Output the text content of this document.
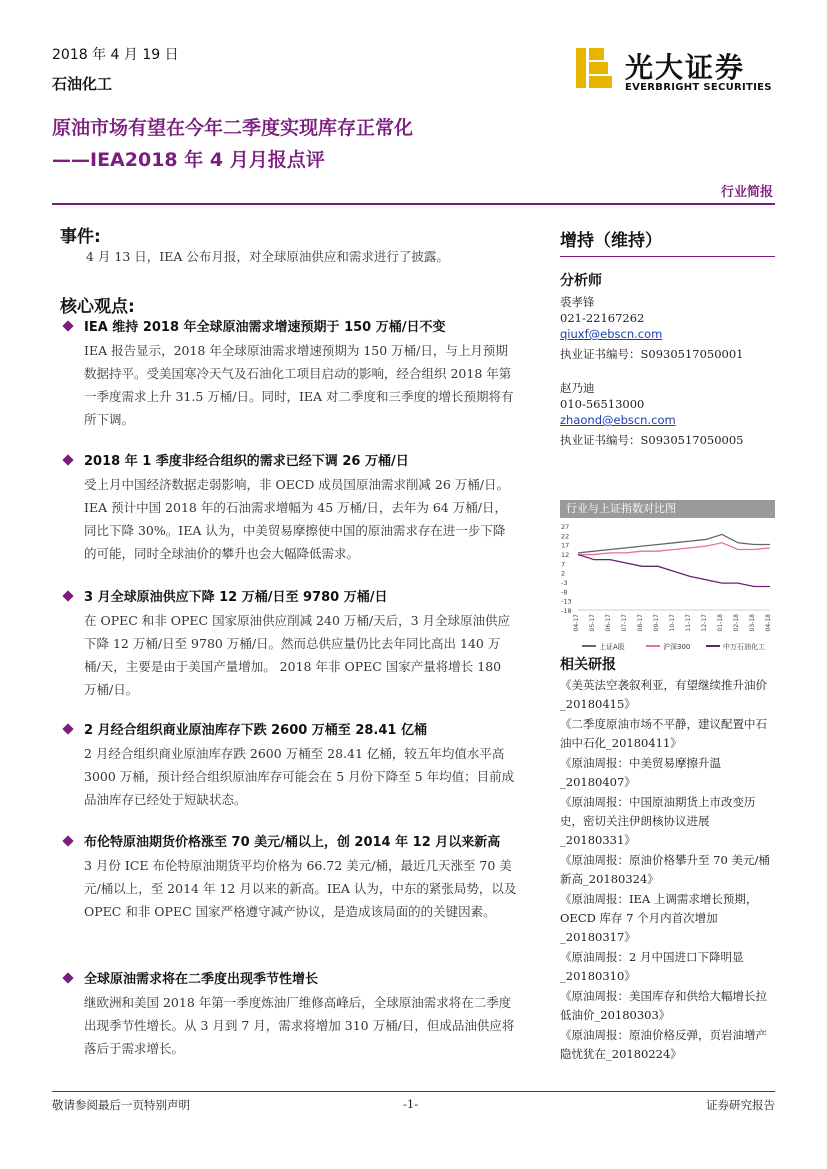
2018 年 4 月 19 日
石油化工
原油市场有望在今年二季度实现库存正常化
——IEA2018 年 4 月月报点评
行业简报
光大证券
EVERBRIGHT SECURITIES
事件:
4 月 13 日，IEA 公布月报，对全球原油供应和需求进行了披露。
核心观点:
IEA 维持 2018 年全球原油需求增速预期于 150 万桶/日不变
IEA 报告显示，2018 年全球原油需求增速预期为 150 万桶/日，与上月预期数据持平。受美国寒冷天气及石油化工项目启动的影响，经合组织 2018 年第一季度需求上升 31.5 万桶/日。同时，IEA 对二季度和三季度的增长预期将有所下调。
2018 年 1 季度非经合组织的需求已经下调 26 万桶/日
受上月中国经济数据走弱影响，非 OECD 成员国原油需求削减 26 万桶/日。IEA 预计中国 2018 年的石油需求增幅为 45 万桶/日，去年为 64 万桶/日，同比下降 30%。IEA 认为，中美贸易摩擦使中国的原油需求存在进一步下降的可能，同时全球油价的攀升也会大幅降低需求。
3 月全球原油供应下降 12 万桶/日至 9780 万桶/日
在 OPEC 和非 OPEC 国家原油供应削减 240 万桶/天后，3 月全球原油供应下降 12 万桶/日至 9780 万桶/日。然而总供应量仍比去年同比高出 140 万桶/天，主要是由于美国产量增加。 2018 年非 OPEC 国家产量将增长 180 万桶/日。
2 月经合组织商业原油库存下跌 2600 万桶至 28.41 亿桶
2 月经合组织商业原油库存跌 2600 万桶至 28.41 亿桶，较五年均值水平高 3000 万桶，预计经合组织原油库存可能会在 5 月份下降至 5 年均值；目前成品油库存已经处于短缺状态。
布伦特原油期货价格涨至 70 美元/桶以上，创 2014 年 12 月以来新高
3 月份 ICE 布伦特原油期货平均价格为 66.72 美元/桶，最近几天涨至 70 美元/桶以上，至 2014 年 12 月以来的新高。IEA 认为，中东的紧张局势，以及 OPEC 和非 OPEC 国家严格遵守减产协议，是造成该局面的的关键因素。
全球原油需求将在二季度出现季节性增长
继欧洲和美国 2018 年第一季度炼油厂维修高峰后，全球原油需求将在二季度出现季节性增长。从 3 月到 7 月，需求将增加 310 万桶/日，但成品油供应将落后于需求增长。
增持（维持）
分析师
裘孝锋
021-22167262
qiuxf@ebscn.com
执业证书编号：S0930517050001
赵乃迪
010-56513000
zhaond@ebscn.com
执业证书编号：S0930517050005
行业与上证指数对比图
27
22
17
12
7
2
-3
-8
-13
-18
04-17 05-17 06-17 07-17 08-17 09-17 10-17 11-17 12-17 01-18 02-18 03-18 04-18
上证A股	沪深300	中万石油化工
相关研报
《美英法空袭叙利亚，有望继续推升油价_20180415》
《二季度原油市场不平静，建议配置中石油中石化_20180411》
《原油周报：中美贸易摩擦升温_20180407》
《原油周报：中国原油期货上市改变历史，密切关注伊朗核协议进展_20180331》
《原油周报：原油价格攀升至 70 美元/桶新高_20180324》
《原油周报：IEA 上调需求增长预期，OECD 库存 7 个月内首次增加_20180317》
《原油周报：2 月中国进口下降明显_20180310》
《原油周报：美国库存和供给大幅增长拉低油价_20180303》
《原油周报：原油价格反弹，页岩油增产隐忧犹在_20180224》
敬请参阅最后一页特别声明	-1-	证券研究报告
